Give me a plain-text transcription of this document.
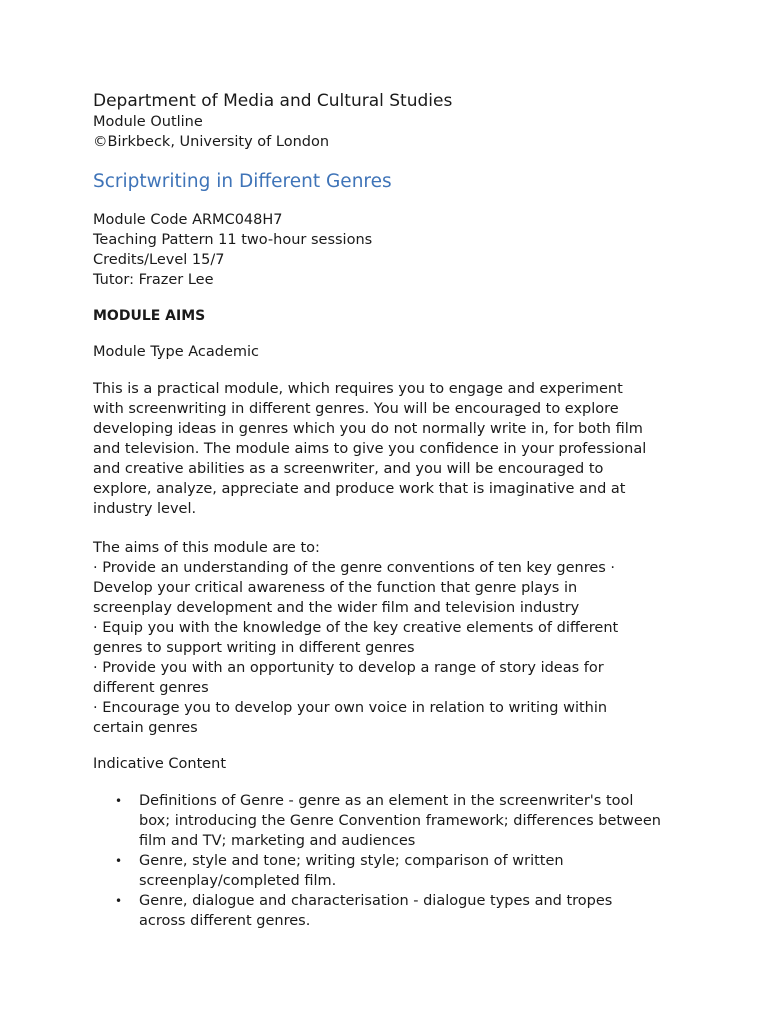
Department of Media and Cultural Studies

Module Outline

©Birkbeck, University of London

Scriptwriting in Different Genres

Module Code ARMC048H7

Teaching Pattern 11 two-hour sessions

Credits/Level 15/7

Tutor: Frazer Lee

MODULE AIMS

Module Type Academic

This is a practical module, which requires you to engage and experiment

with screenwriting in different genres. You will be encouraged to explore

developing ideas in genres which you do not normally write in, for both film

and television. The module aims to give you confidence in your professional

and creative abilities as a screenwriter, and you will be encouraged to

explore, analyze, appreciate and produce work that is imaginative and at

industry level.

The aims of this module are to:

· Provide an understanding of the genre conventions of ten key genres ·

Develop your critical awareness of the function that genre plays in

screenplay development and the wider film and television industry

· Equip you with the knowledge of the key creative elements of different

genres to support writing in different genres

· Provide you with an opportunity to develop a range of story ideas for

different genres

· Encourage you to develop your own voice in relation to writing within

certain genres

Indicative Content

• Definitions of Genre - genre as an element in the screenwriter's tool
box; introducing the Genre Convention framework; differences between
film and TV; marketing and audiences
• Genre, style and tone; writing style; comparison of written
screenplay/completed film.
• Genre, dialogue and characterisation - dialogue types and tropes
across different genres.
